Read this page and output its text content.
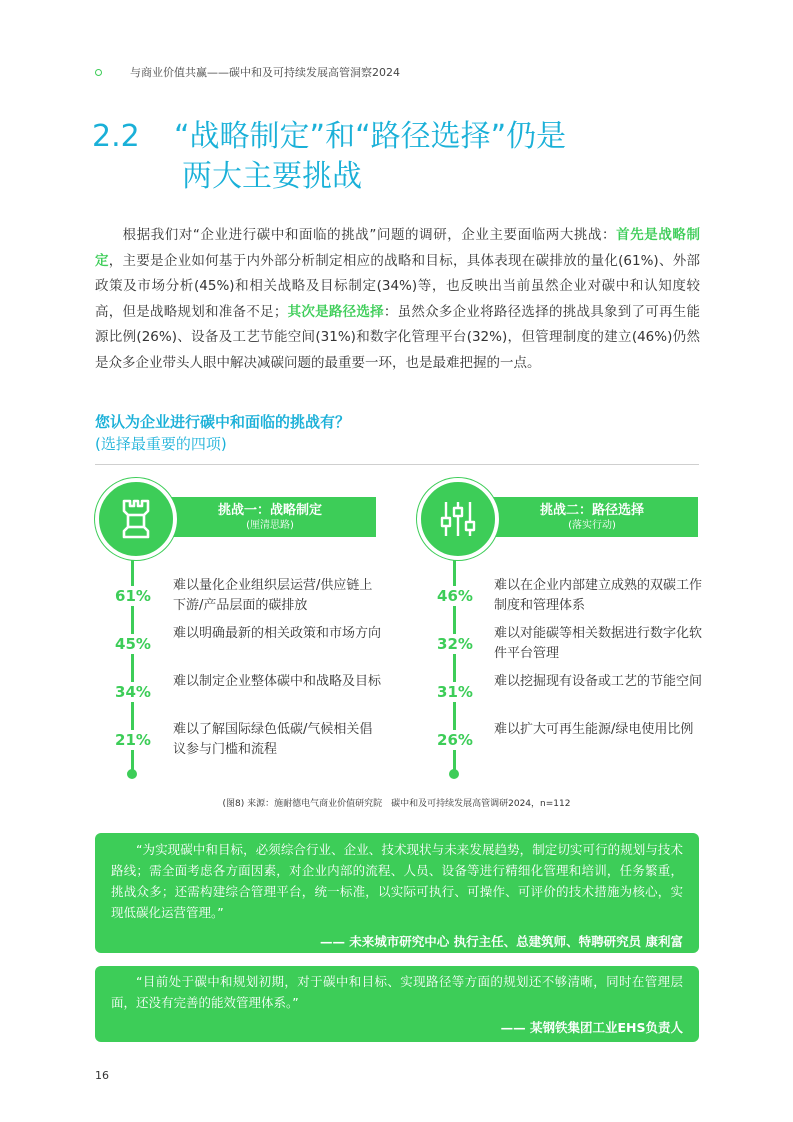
与商业价值共赢——碳中和及可持续发展高管洞察2024
2.2 “战略制定”和“路径选择”仍是
两大主要挑战
根据我们对“企业进行碳中和面临的挑战”问题的调研，企业主要面临两大挑战：首先是战略制定，主要是企业如何基于内外部分析制定相应的战略和目标，具体表现在碳排放的量化(61%)、外部政策及市场分析(45%)和相关战略及目标制定(34%)等，也反映出当前虽然企业对碳中和认知度较高，但是战略规划和准备不足；其次是路径选择：虽然众多企业将路径选择的挑战具象到了可再生能源比例(26%)、设备及工艺节能空间(31%)和数字化管理平台(32%)，但管理制度的建立(46%)仍然是众多企业带头人眼中解决减碳问题的最重要一环，也是最难把握的一点。
您认为企业进行碳中和面临的挑战有？
(选择最重要的四项)
挑战一：战略制定
(厘清思路)
61%
难以量化企业组织层运营/供应链上下游/产品层面的碳排放
45%
难以明确最新的相关政策和市场方向
34%
难以制定企业整体碳中和战略及目标
21%
难以了解国际绿色低碳/气候相关倡议参与门槛和流程
挑战二：路径选择
(落实行动)
46%
难以在企业内部建立成熟的双碳工作制度和管理体系
32%
难以对能碳等相关数据进行数字化软件平台管理
31%
难以挖掘现有设备或工艺的节能空间
26%
难以扩大可再生能源/绿电使用比例
(图8) 来源：施耐德电气商业价值研究院　碳中和及可持续发展高管调研2024，n=112
“为实现碳中和目标，必须综合行业、企业、技术现状与未来发展趋势，制定切实可行的规划与技术路线；需全面考虑各方面因素，对企业内部的流程、人员、设备等进行精细化管理和培训，任务繁重，挑战众多；还需构建综合管理平台，统一标准，以实际可执行、可操作、可评价的技术措施为核心，实现低碳化运营管理。”
—— 未来城市研究中心 执行主任、总建筑师、特聘研究员 康利富
“目前处于碳中和规划初期，对于碳中和目标、实现路径等方面的规划还不够清晰，同时在管理层面，还没有完善的能效管理体系。”
—— 某钢铁集团工业EHS负责人
16
